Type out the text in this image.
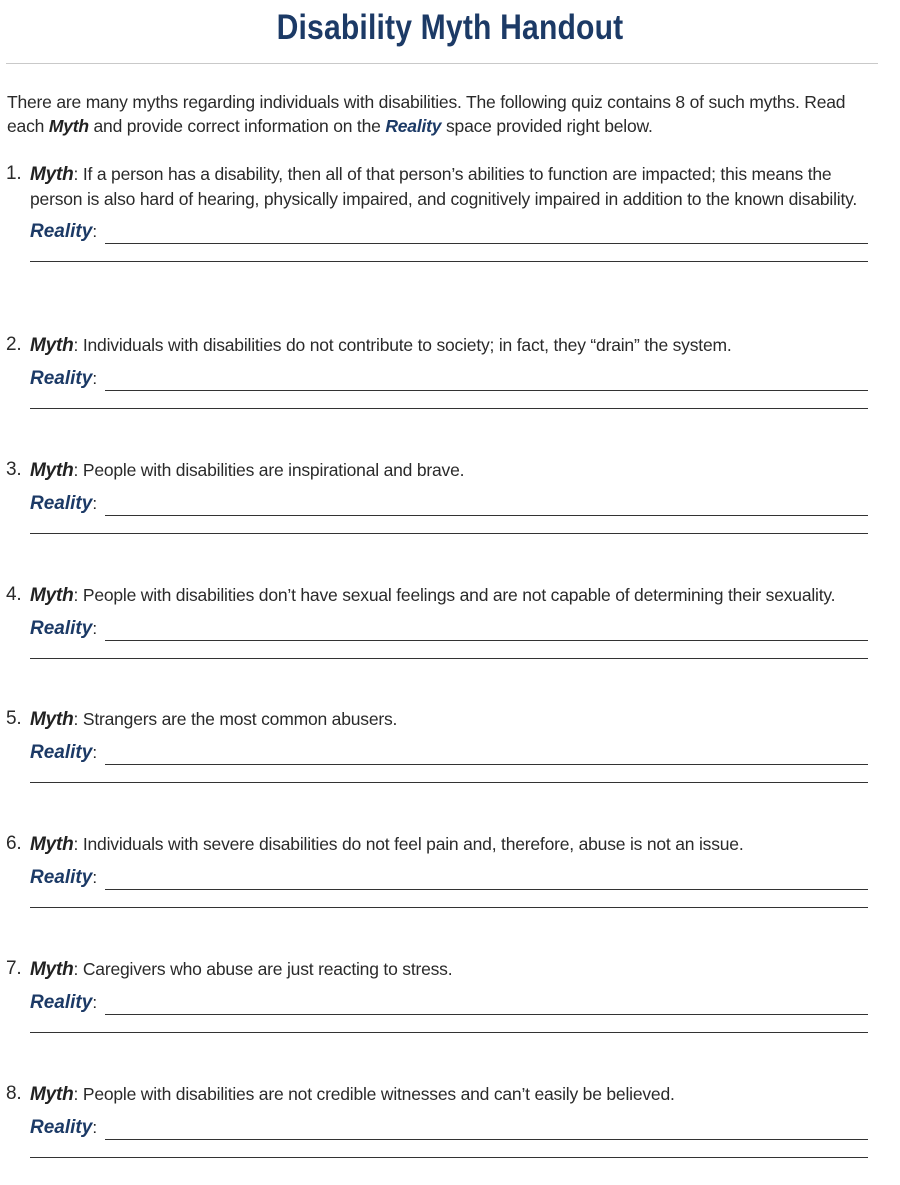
Disability Myth Handout
There are many myths regarding individuals with disabilities. The following quiz contains 8 of such myths. Read each Myth and provide correct information on the Reality space provided right below.
1. Myth: If a person has a disability, then all of that person’s abilities to function are impacted; this means the person is also hard of hearing, physically impaired, and cognitively impaired in addition to the known disability.
Reality:
2. Myth: Individuals with disabilities do not contribute to society; in fact, they “drain” the system.
Reality:
3. Myth: People with disabilities are inspirational and brave.
Reality:
4. Myth: People with disabilities don’t have sexual feelings and are not capable of determining their sexuality.
Reality:
5. Myth: Strangers are the most common abusers.
Reality:
6. Myth: Individuals with severe disabilities do not feel pain and, therefore, abuse is not an issue.
Reality:
7. Myth: Caregivers who abuse are just reacting to stress.
Reality:
8. Myth: People with disabilities are not credible witnesses and can’t easily be believed.
Reality:
